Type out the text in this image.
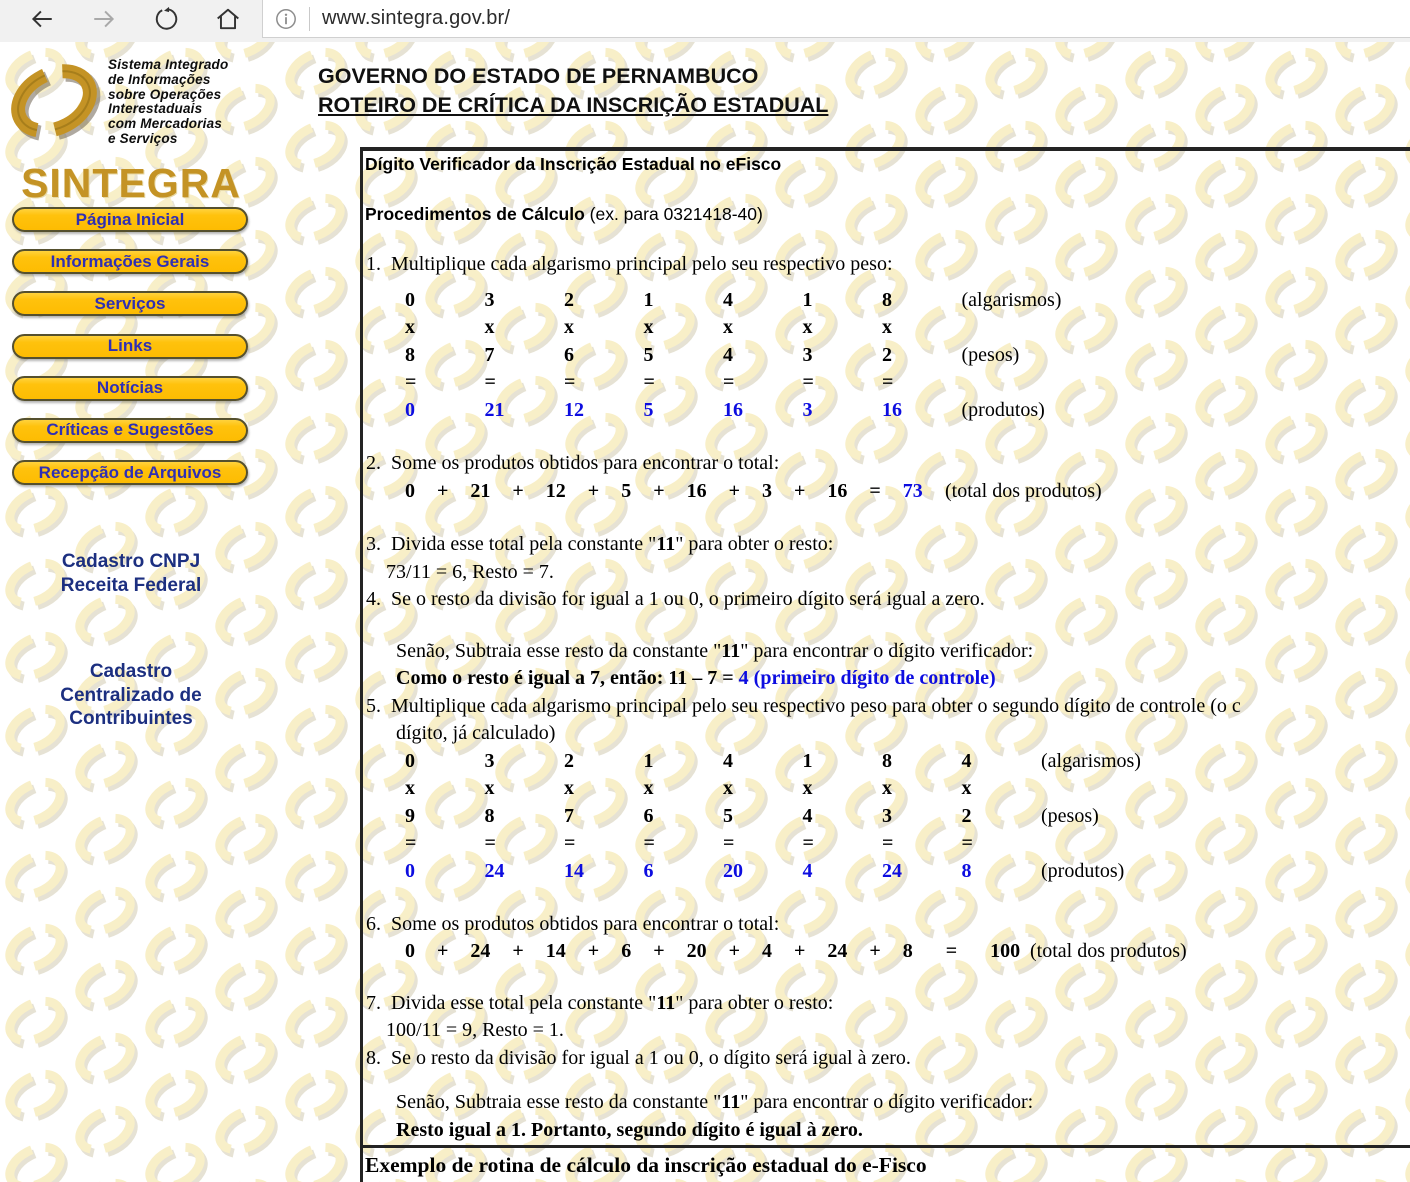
www.sintegra.gov.br/
Sistema Integrado
de Informações
sobre Operações
Interestaduais
com Mercadorias
e Serviços
SINTEGRA
Página Inicial
Informações Gerais
Serviços
Links
Notícias
Críticas e Sugestões
Recepção de Arquivos
Cadastro CNPJ
Receita Federal
Cadastro
Centralizado de
Contribuintes
GOVERNO DO ESTADO DE PERNAMBUCO
ROTEIRO DE CRÍTICA DA INSCRIÇÃO ESTADUAL
Dígito Verificador da Inscrição Estadual no eFisco
Procedimentos de Cálculo (ex. para 0321418-40)
1.  Multiplique cada algarismo principal pelo seu respectivo peso:
0	3	2	1	4	1	8	(algarismos)
x	x	x	x	x	x	x
8	7	6	5	4	3	2	(pesos)
=	=	=	=	=	=	=
0	21	12	5	16	3	16	(produtos)
2.  Some os produtos obtidos para encontrar o total:
0  +  21  +  12  +  5  +  16  +  3  +  16  =  73 (total dos produtos)
3.  Divida esse total pela constante "11" para obter o resto:
73/11 = 6, Resto = 7.
4.  Se o resto da divisão for igual a 1 ou 0, o primeiro dígito será igual a zero.
Senão, Subtraia esse resto da constante "11" para encontrar o dígito verificador:
Como o resto é igual a 7, então: 11 – 7 = 4 (primeiro dígito de controle)
5.  Multiplique cada algarismo principal pelo seu respectivo peso para obter o segundo dígito de controle (o c
dígito, já calculado)
0	3	2	1	4	1	8	4	(algarismos)
x	x	x	x	x	x	x	x
9	8	7	6	5	4	3	2	(pesos)
=	=	=	=	=	=	=	=
0	24	14	6	20	4	24	8	(produtos)
6.  Some os produtos obtidos para encontrar o total:
0  +  24  +  14  +  6  +  20  +  4  +  24  +  8   =   100 (total dos produtos)
7.  Divida esse total pela constante "11" para obter o resto:
100/11 = 9, Resto = 1.
8.  Se o resto da divisão for igual a 1 ou 0, o dígito será igual à zero.
Senão, Subtraia esse resto da constante "11" para encontrar o dígito verificador:
Resto igual a 1. Portanto, segundo dígito é igual à zero.
Exemplo de rotina de cálculo da inscrição estadual do e-Fisco
